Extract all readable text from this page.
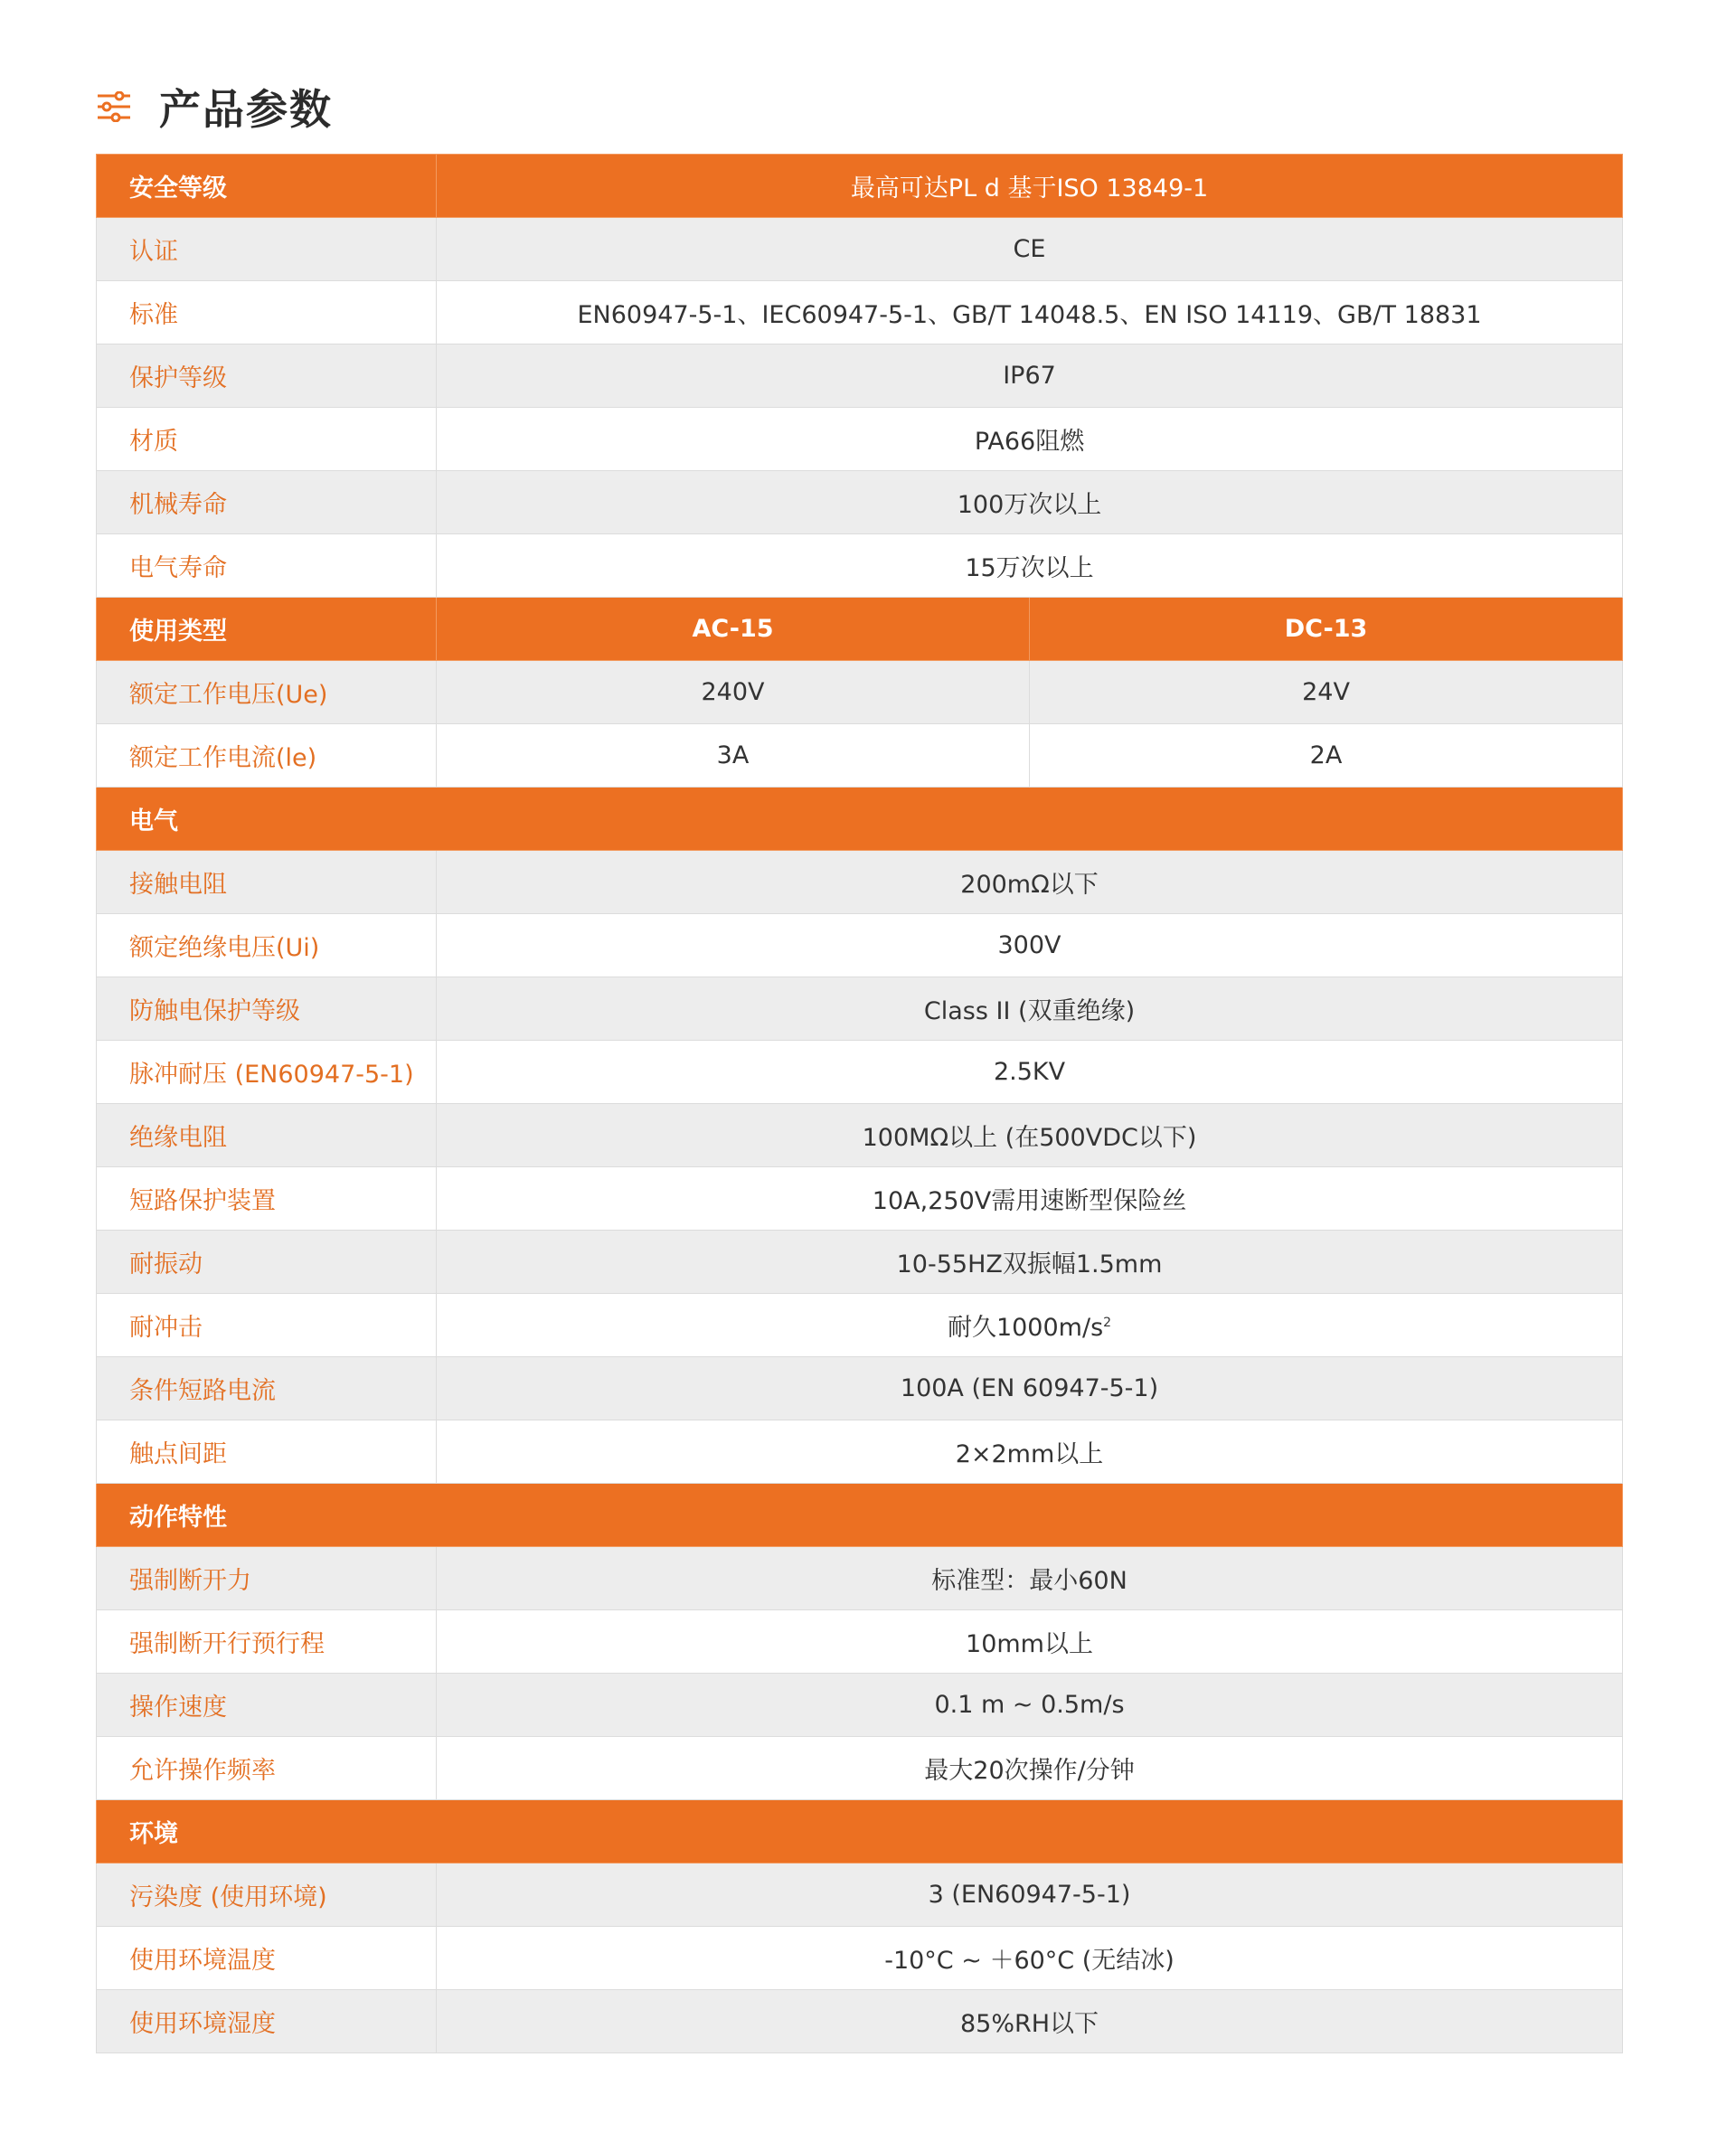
产品参数
安全等级	最高可达PL d 基于ISO 13849-1	
认证	CE	
标准	EN60947-5-1、IEC60947-5-1、GB/T 14048.5、EN ISO 14119、GB/T 18831	
保护等级	IP67	
材质	PA66阻燃	
机械寿命	100万次以上	
电气寿命	15万次以上	
使用类型	AC-15	DC-13
额定工作电压(Ue)	240V	24V
额定工作电流(le)	3A	2A
电气		
接触电阻	200mΩ以下	
额定绝缘电压(Ui)	300V	
防触电保护等级	Class II (双重绝缘)	
脉冲耐压 (EN60947-5-1)	2.5KV	
绝缘电阻	100MΩ以上 (在500VDC以下)	
短路保护装置	10A,250V需用速断型保险丝	
耐振动	10-55HZ双振幅1.5mm	
耐冲击	耐久$1000m/s^2$
条件短路电流	100A (EN 60947-5-1)	
触点间距	2×2mm以上	
动作特性		
强制断开力	标准型：最小60N	
强制断开行预行程	10mm以上	
操作速度	0.1 m ~ 0.5m/s	
允许操作频率	最大20次操作/分钟	
环境		
污染度 (使用环境)	3 (EN60947-5-1)	
使用环境温度	-10°C ~ ＋60°C (无结冰)	
使用环境湿度	85%RH以下	
